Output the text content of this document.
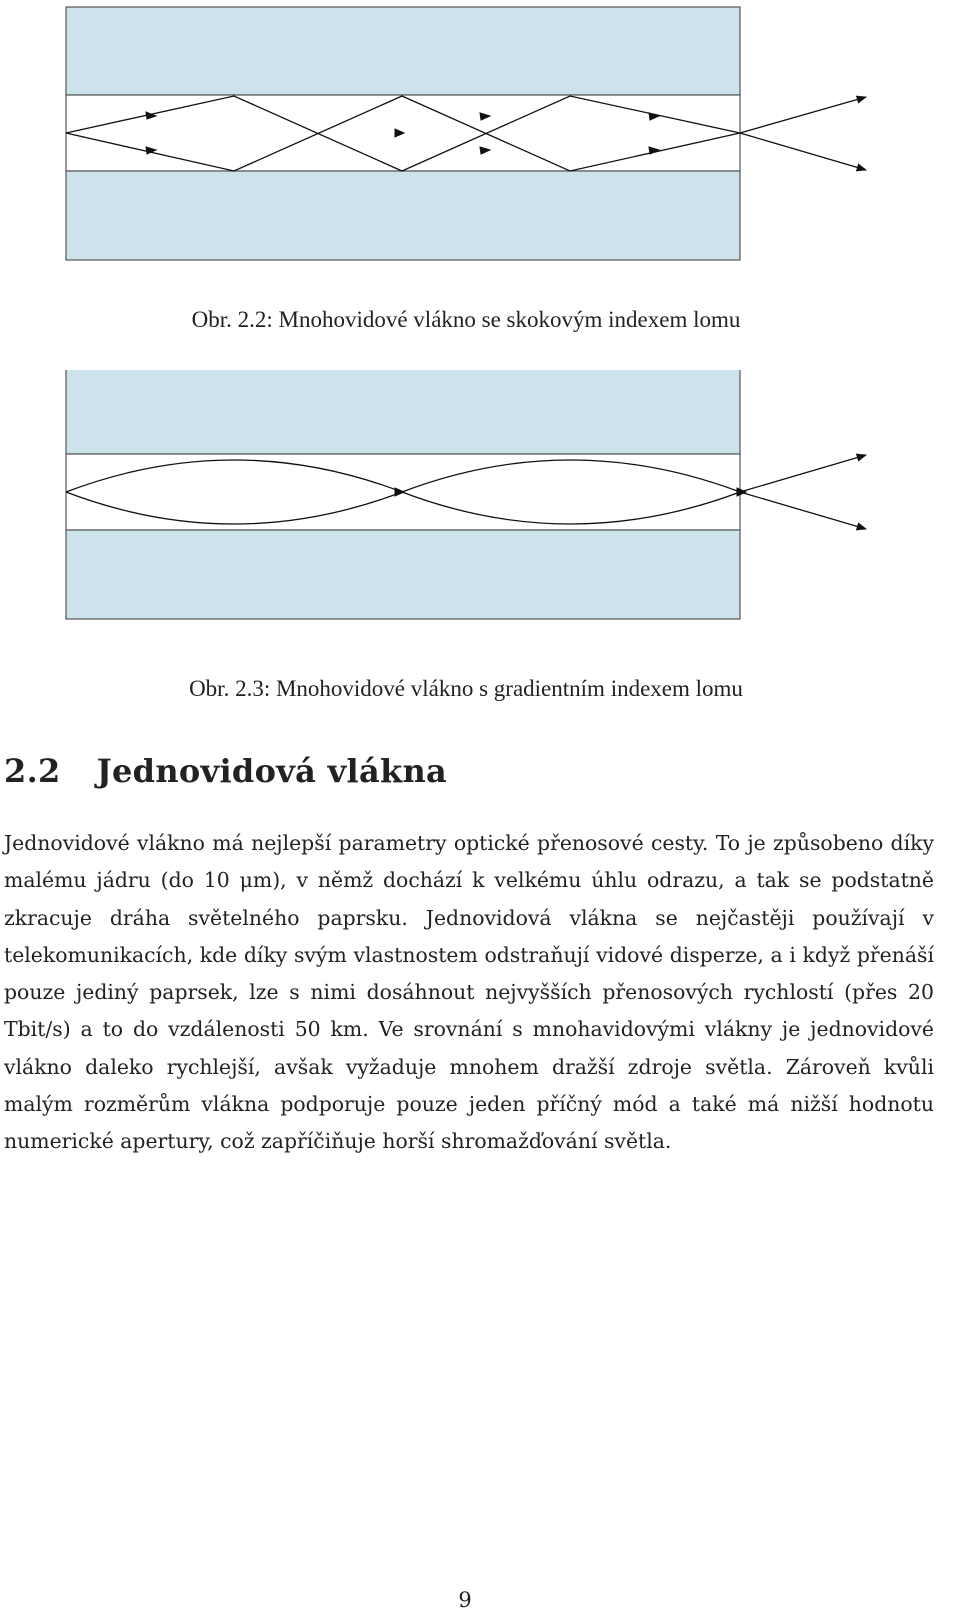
Obr. 2.2: Mnohovidové vlákno se skokovým indexem lomu
Obr. 2.3: Mnohovidové vlákno s gradientním indexem lomu
2.2 Jednovidová vlákna

Jednovidové vlákno má nejlepší parametry optické přenosové cesty. To je způsobeno díky malému jádru (do 10 μm), v němž dochází k velkému úhlu odrazu, a tak se podstatně zkracuje dráha světelného paprsku. Jednovidová vlákna se nejčastěji používají v telekomunikacích, kde díky svým vlastnostem odstraňují vidové disperze, a i když přenáší pouze jediný paprsek, lze s nimi dosáhnout nejvyšších přenosových rychlostí (přes 20 Tbit/s) a to do vzdálenosti 50 km. Ve srovnání s mnohavidovými vlákny je jednovidové vlákno daleko rychlejší, avšak vyžaduje mnohem dražší zdroje světla. Zároveň kvůli malým rozměrům vlákna podporuje pouze jeden příčný mód a také má nižší hodnotu numerické apertury, což zapříčiňuje horší shromažďování světla.

9
